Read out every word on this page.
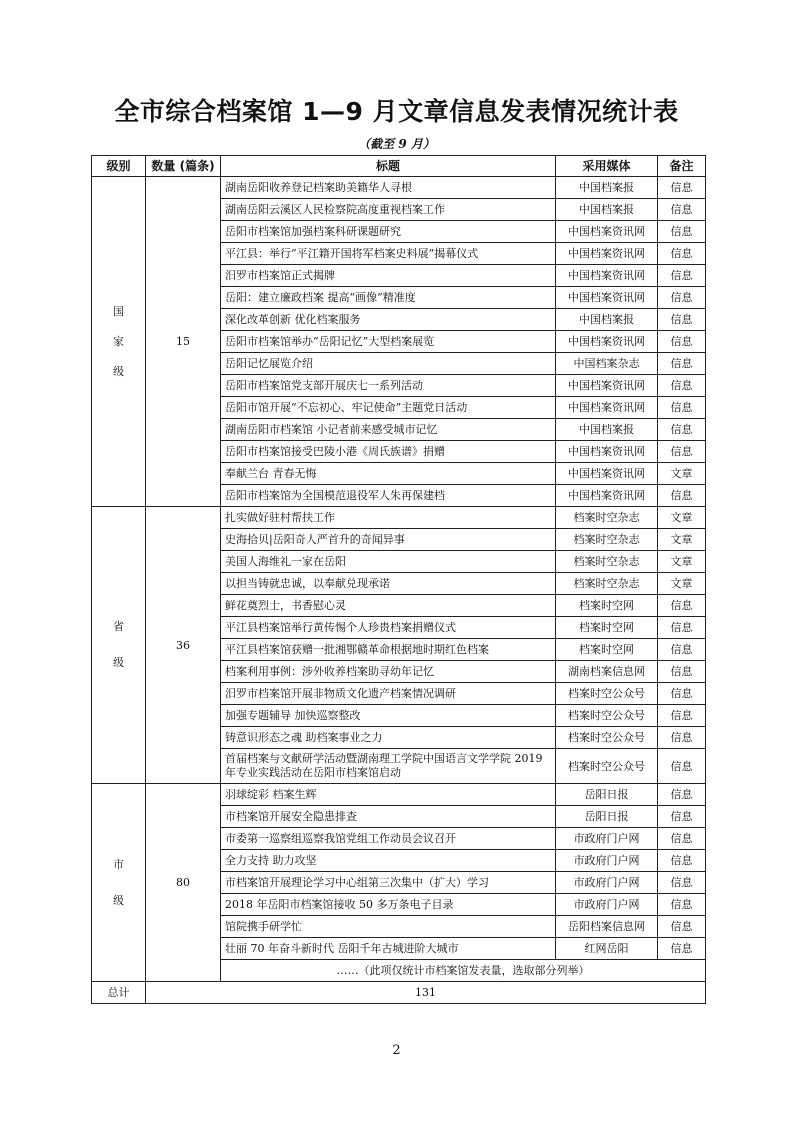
全市综合档案馆 1—9 月文章信息发表情况统计表
（截至 9 月）
级别	数量 (篇条)	标题	采用媒体	备注

国
家
级	15	湖南岳阳收养登记档案助美籍华人寻根	中国档案报	信息
		湖南岳阳云溪区人民检察院高度重视档案工作	中国档案报	信息
		岳阳市档案馆加强档案科研课题研究	中国档案资讯网	信息
		平江县：举行“平江籍开国将军档案史料展”揭幕仪式	中国档案资讯网	信息
		汨罗市档案馆正式揭牌	中国档案资讯网	信息
		岳阳：建立廉政档案 提高“画像”精准度	中国档案资讯网	信息
		深化改革创新 优化档案服务	中国档案报	信息
		岳阳市档案馆举办“岳阳记忆”大型档案展览	中国档案资讯网	信息
		岳阳记忆展览介绍	中国档案杂志	信息
		岳阳市档案馆党支部开展庆七一系列活动	中国档案资讯网	信息
		岳阳市馆开展“不忘初心、牢记使命”主题党日活动	中国档案资讯网	信息
		湖南岳阳市档案馆 小记者前来感受城市记忆	中国档案报	信息
		岳阳市档案馆接受巴陵小港《周氏族谱》捐赠	中国档案资讯网	信息
		奉献兰台 青春无悔	中国档案资讯网	文章
		岳阳市档案馆为全国模范退役军人朱再保建档	中国档案资讯网	信息

省
级	36	扎实做好驻村帮扶工作	档案时空杂志	文章
		史海拾贝|岳阳奇人严首升的奇闻异事	档案时空杂志	文章
		美国人海维礼一家在岳阳	档案时空杂志	文章
		以担当铸就忠诚，以奉献兑现承诺	档案时空杂志	文章
		鲜花奠烈士，书香慰心灵	档案时空网	信息
		平江县档案馆举行黄传惕个人珍贵档案捐赠仪式	档案时空网	信息
		平江县档案馆获赠一批湘鄂赣革命根据地时期红色档案	档案时空网	信息
		档案利用事例：涉外收养档案助寻幼年记忆	湖南档案信息网	信息
		汨罗市档案馆开展非物质文化遗产档案情况调研	档案时空公众号	信息
		加强专题辅导 加快巡察整改	档案时空公众号	信息
		铸意识形态之魂 助档案事业之力	档案时空公众号	信息
		首届档案与文献研学活动暨湖南理工学院中国语言文学学院 2019 年专业实践活动在岳阳市档案馆启动	档案时空公众号	信息

市
级	80	羽球绽彩 档案生辉	岳阳日报	信息
		市档案馆开展安全隐患排查	岳阳日报	信息
		市委第一巡察组巡察我馆党组工作动员会议召开	市政府门户网	信息
		全力支持 助力攻坚	市政府门户网	信息
		市档案馆开展理论学习中心组第三次集中（扩大）学习	市政府门户网	信息
		2018 年岳阳市档案馆接收 50 多万条电子目录	市政府门户网	信息
		馆院携手研学忙	岳阳档案信息网	信息
		壮丽 70 年奋斗新时代 岳阳千年古城进阶大城市	红网岳阳	信息
		……（此项仅统计市档案馆发表量，选取部分列举）		
总计	131			
2
